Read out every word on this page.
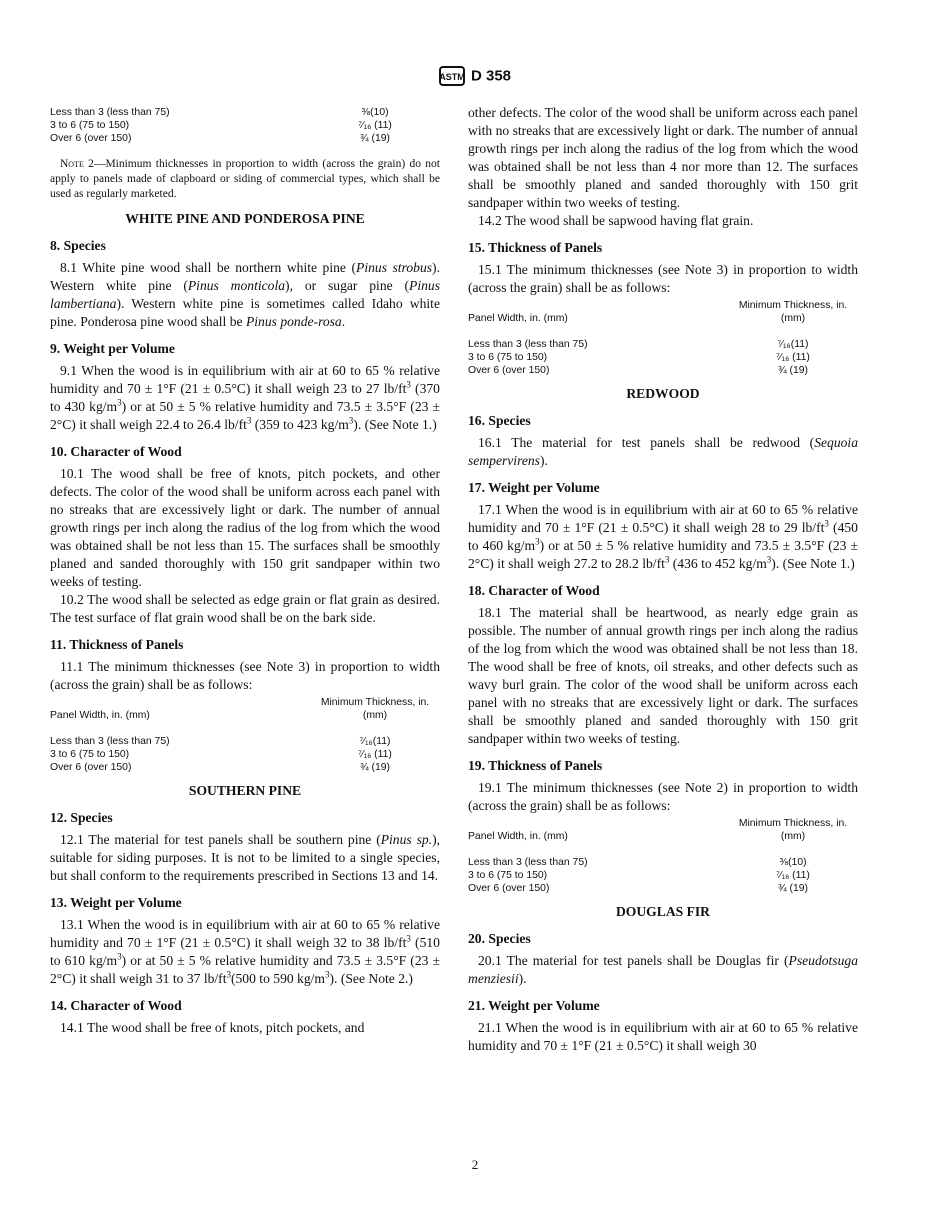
ASTM D 358
Less than 3 (less than 75)	⅜(10)
3 to 6 (75 to 150)	⁷⁄₁₆ (11)
Over 6 (over 150)	¾ (19)
Note 2—Minimum thicknesses in proportion to width (across the grain) do not apply to panels made of clapboard or siding of commercial types, which shall be used as regularly marketed.
WHITE PINE AND PONDEROSA PINE
8. Species

8.1 White pine wood shall be northern white pine (Pinus strobus). Western white pine (Pinus monticola), or sugar pine (Pinus lambertiana). Western white pine is sometimes called Idaho white pine. Ponderosa pine wood shall be Pinus ponde-rosa.

9. Weight per Volume

9.1 When the wood is in equilibrium with air at 60 to 65 % relative humidity and 70 ± 1°F (21 ± 0.5°C) it shall weigh 23 to 27 $lb/ft^3$ (370 to 430 $kg/m^3$) or at 50 ± 5 % relative humidity and 73.5 ± 3.5°F (23 ± 2°C) it shall weigh 22.4 to 26.4 $lb/ft^3$ (359 to 423 $kg/m^3$). (See Note 1.)

10. Character of Wood

10.1 The wood shall be free of knots, pitch pockets, and other defects. The color of the wood shall be uniform across each panel with no streaks that are excessively light or dark. The number of annual growth rings per inch along the radius of the log from which the wood was obtained shall be not less than 15. The surfaces shall be smoothly planed and sanded thoroughly with 150 grit sandpaper within two weeks of testing.

10.2 The wood shall be selected as edge grain or flat grain as desired. The test surface of flat grain wood shall be on the bark side.

11. Thickness of Panels

11.1 The minimum thicknesses (see Note 3) in proportion to width (across the grain) shall be as follows:

	Minimum Thickness, in.
Panel Width, in. (mm)	(mm)

Less than 3 (less than 75)	⁷⁄₁₆(11)
3 to 6 (75 to 150)	⁷⁄₁₆ (11)
Over 6 (over 150)	¾ (19)
SOUTHERN PINE
12. Species

12.1 The material for test panels shall be southern pine (Pinus sp.), suitable for siding purposes. It is not to be limited to a single species, but shall conform to the requirements prescribed in Sections 13 and 14.

13. Weight per Volume

13.1 When the wood is in equilibrium with air at 60 to 65 % relative humidity and 70 ± 1°F (21 ± 0.5°C) it shall weigh 32 to 38 $lb/ft^3$ (510 to 610 $kg/m^3$) or at 50 ± 5 % relative humidity and 73.5 ± 3.5°F (23 ± 2°C) it shall weigh 31 to 37 $lb/ft^3(500$ to 590 $kg/m^3$). (See Note 2.)

14. Character of Wood

14.1 The wood shall be free of knots, pitch pockets, and

other defects. The color of the wood shall be uniform across each panel with no streaks that are excessively light or dark. The number of annual growth rings per inch along the radius of the log from which the wood was obtained shall be not less than 4 nor more than 12. The surfaces shall be smoothly planed and sanded thoroughly with 150 grit sandpaper within two weeks of testing.

14.2 The wood shall be sapwood having flat grain.

15. Thickness of Panels

15.1 The minimum thicknesses (see Note 3) in proportion to width (across the grain) shall be as follows:

	Minimum Thickness, in.
Panel Width, in. (mm)	(mm)

Less than 3 (less than 75)	⁷⁄₁₆(11)
3 to 6 (75 to 150)	⁷⁄₁₆ (11)
Over 6 (over 150)	¾ (19)
REDWOOD
16. Species

16.1 The material for test panels shall be redwood (Sequoia sempervirens).

17. Weight per Volume

17.1 When the wood is in equilibrium with air at 60 to 65 % relative humidity and 70 ± 1°F (21 ± 0.5°C) it shall weigh 28 to 29 $lb/ft^3$ (450 to 460 $kg/m^3$) or at 50 ± 5 % relative humidity and 73.5 ± 3.5°F (23 ± 2°C) it shall weigh 27.2 to 28.2 $lb/ft^3$ (436 to 452 $kg/m^3$). (See Note 1.)

18. Character of Wood

18.1 The material shall be heartwood, as nearly edge grain as possible. The number of annual growth rings per inch along the radius of the log from which the wood was obtained shall be not less than 18. The wood shall be free of knots, oil streaks, and other defects such as wavy burl grain. The color of the wood shall be uniform across each panel with no streaks that are excessively light or dark. The surfaces shall be smoothly planed and sanded thoroughly with 150 grit sandpaper within two weeks of testing.

19. Thickness of Panels

19.1 The minimum thicknesses (see Note 2) in proportion to width (across the grain) shall be as follows:

	Minimum Thickness, in.
Panel Width, in. (mm)	(mm)

Less than 3 (less than 75)	⅜(10)
3 to 6 (75 to 150)	⁷⁄₁₆ (11)
Over 6 (over 150)	¾ (19)
DOUGLAS FIR
20. Species

20.1 The material for test panels shall be Douglas fir (Pseudotsuga menziesii).

21. Weight per Volume

21.1 When the wood is in equilibrium with air at 60 to 65 % relative humidity and 70 ± 1°F (21 ± 0.5°C) it shall weigh 30

2
